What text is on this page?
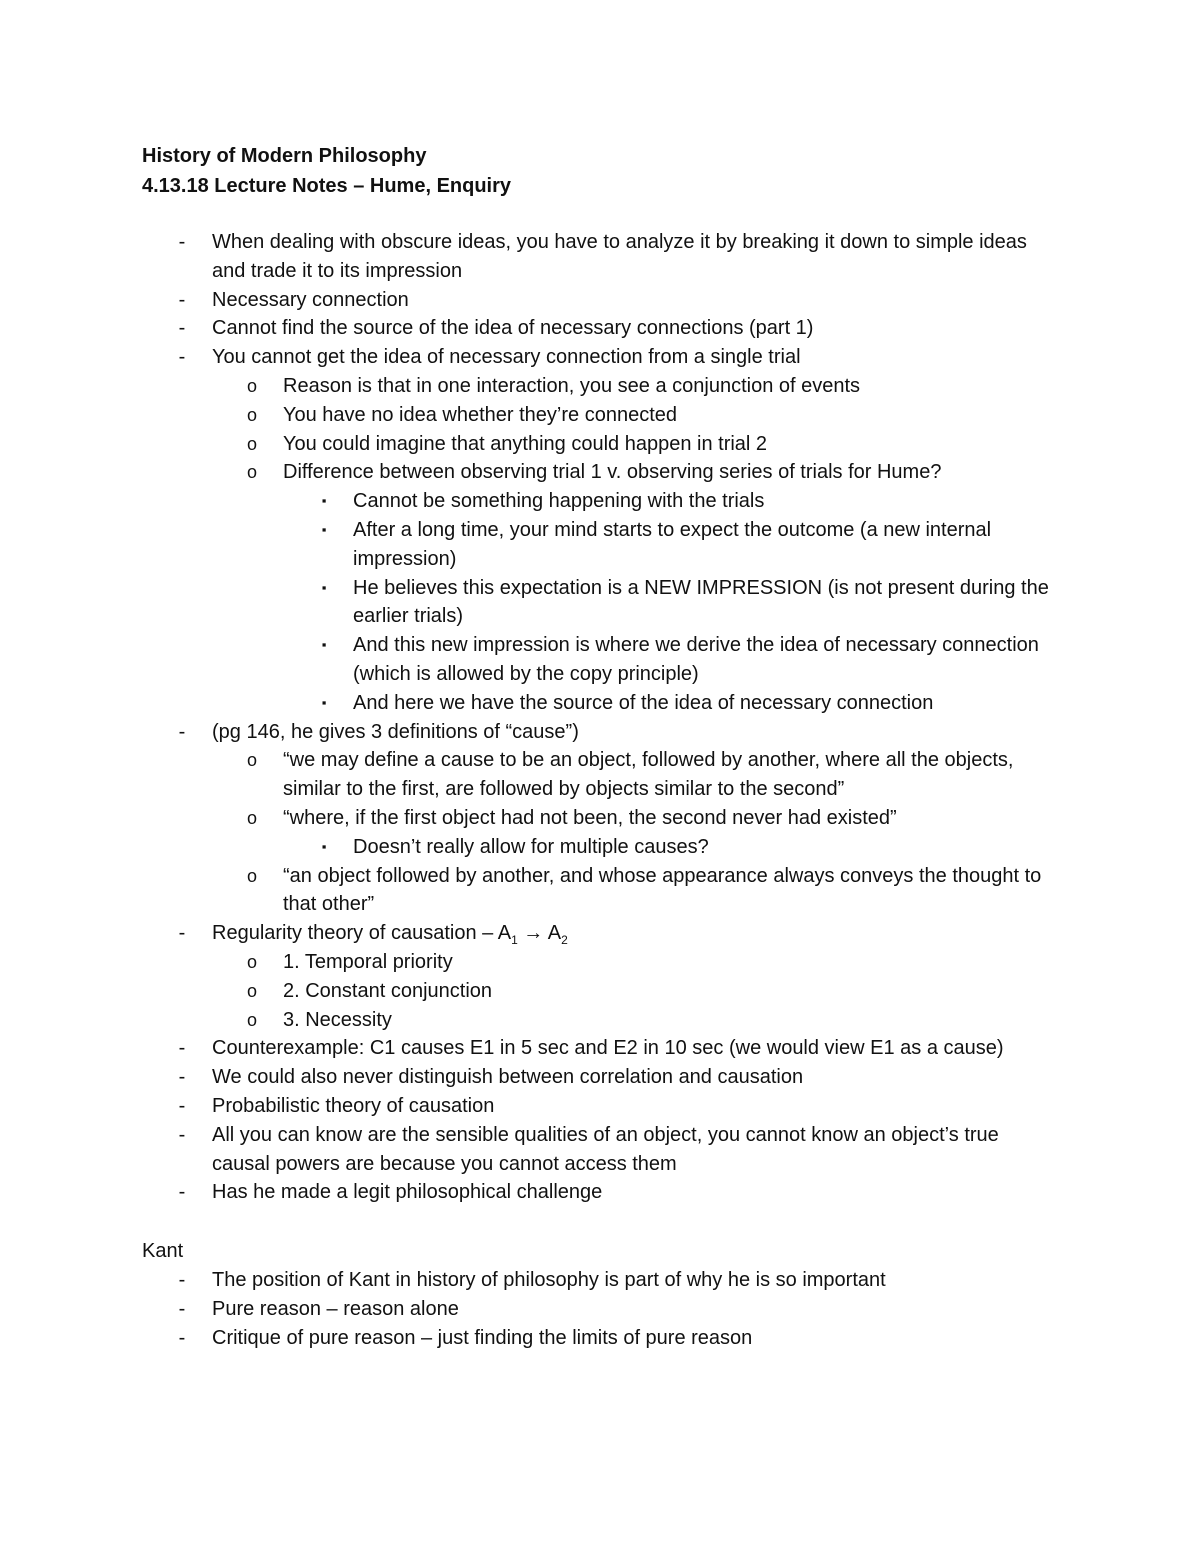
History of Modern Philosophy
4.13.18 Lecture Notes – Hume, Enquiry
-	When dealing with obscure ideas, you have to analyze it by breaking it down to simple ideas and trade it to its impression
-	Necessary connection
-	Cannot find the source of the idea of necessary connections (part 1)
-	You cannot get the idea of necessary connection from a single trial
o Reason is that in one interaction, you see a conjunction of events
o You have no idea whether they’re connected
o You could imagine that anything could happen in trial 2
o Difference between observing trial 1 v. observing series of trials for Hume?
▪	Cannot be something happening with the trials
▪	After a long time, your mind starts to expect the outcome (a new internal impression)
▪	He believes this expectation is a NEW IMPRESSION (is not present during the earlier trials)
▪	And this new impression is where we derive the idea of necessary connection (which is allowed by the copy principle)
▪	And here we have the source of the idea of necessary connection
-	(pg 146, he gives 3 definitions of “cause”)
o “we may define a cause to be an object, followed by another, where all the objects, similar to the first, are followed by objects similar to the second”
o “where, if the first object had not been, the second never had existed”
▪	Doesn’t really allow for multiple causes?
o “an object followed by another, and whose appearance always conveys the thought to that other”
-	Regularity theory of causation – $A_1 \to A_2$
o 1. Temporal priority
o 2. Constant conjunction
o 3. Necessity
-	Counterexample: C1 causes E1 in 5 sec and E2 in 10 sec (we would view E1 as a cause)
-	We could also never distinguish between correlation and causation
-	Probabilistic theory of causation
-	All you can know are the sensible qualities of an object, you cannot know an object’s true causal powers are because you cannot access them
-	Has he made a legit philosophical challenge
Kant
-	The position of Kant in history of philosophy is part of why he is so important
-	Pure reason – reason alone
-	Critique of pure reason – just finding the limits of pure reason
